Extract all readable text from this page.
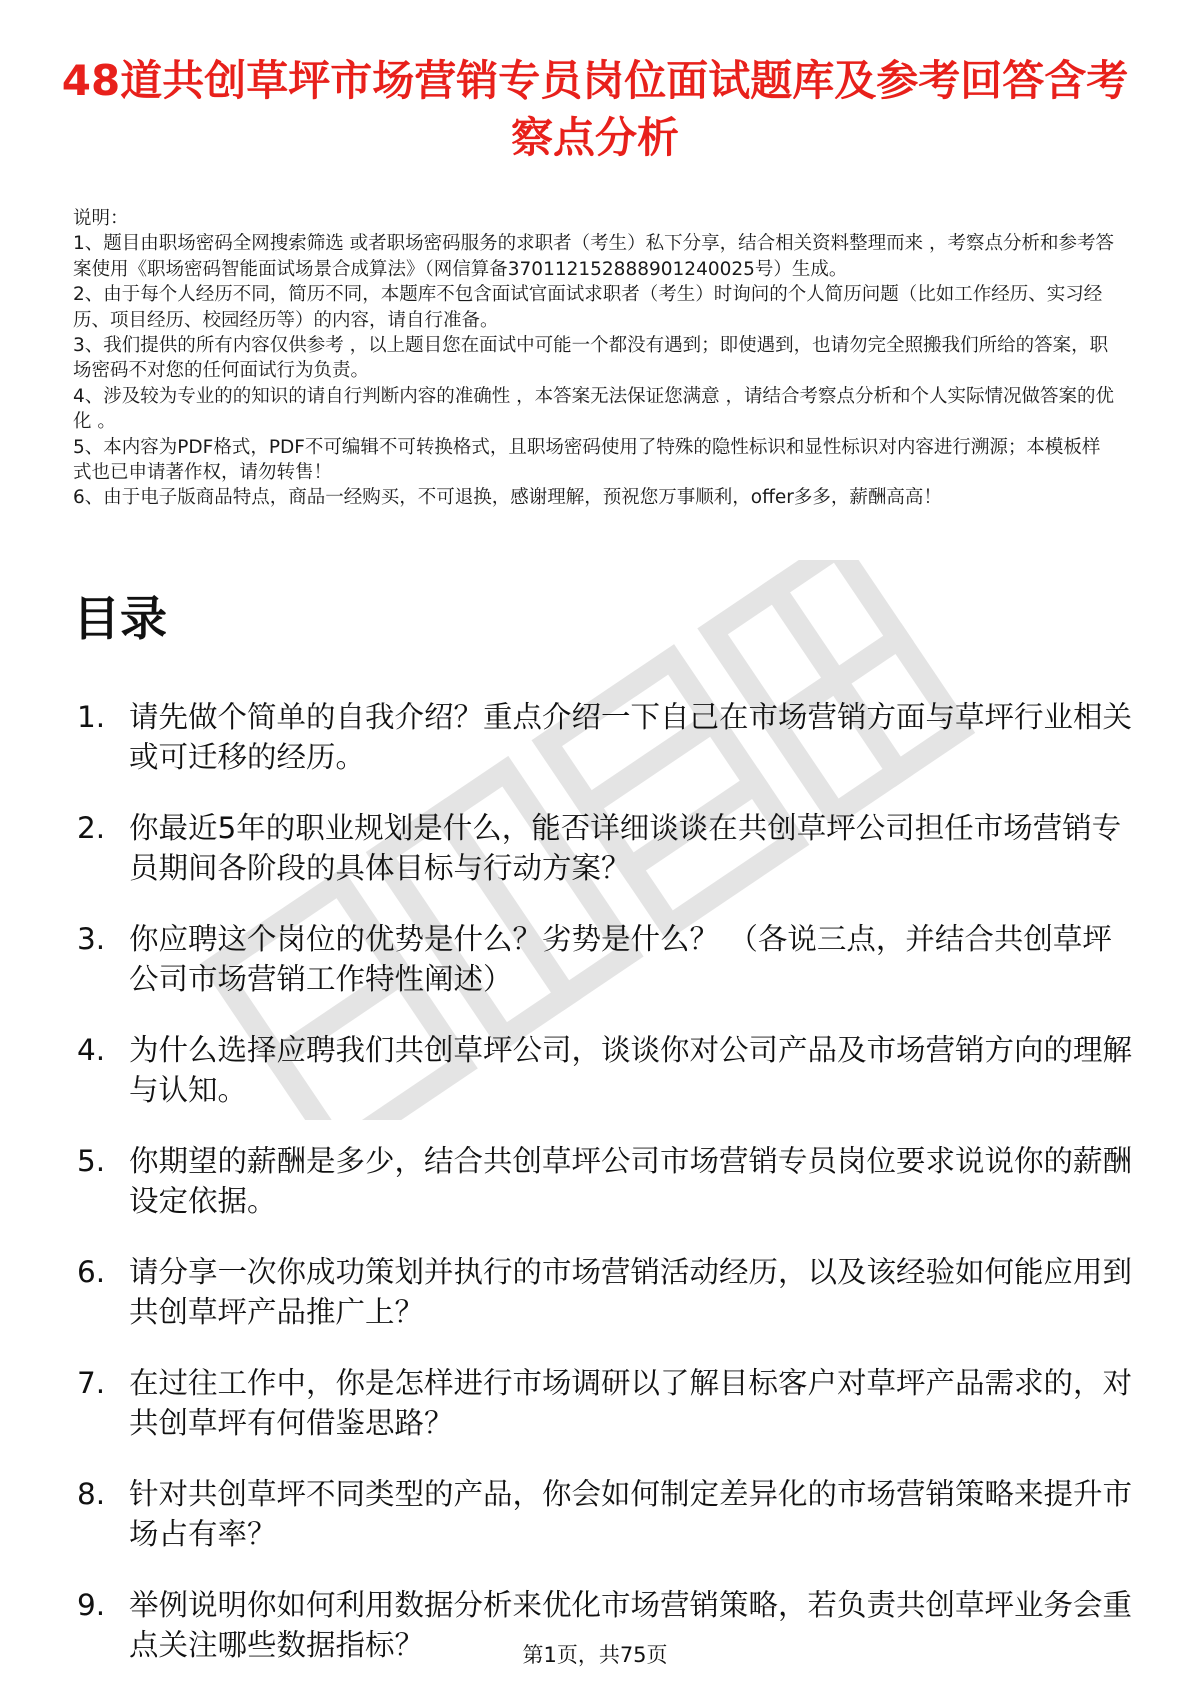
48道共创草坪市场营销专员岗位面试题库及参考回答含考察点分析

说明：

1、题目由职场密码全网搜索筛选 或者职场密码服务的求职者（考生）私下分享，结合相关资料整理而来 ，考察点分析和参考答案使用《职场密码智能面试场景合成算法》（网信算备370112152888901240025号）生成。

2、由于每个人经历不同，简历不同，本题库不包含面试官面试求职者（考生）时询问的个人简历问题（比如工作经历、实习经历、项目经历、校园经历等）的内容，请自行准备。

3、我们提供的所有内容仅供参考 ，以上题目您在面试中可能一个都没有遇到；即使遇到，也请勿完全照搬我们所给的答案，职场密码不对您的任何面试行为负责。

4、涉及较为专业的的知识的请自行判断内容的准确性 ，本答案无法保证您满意 ，请结合考察点分析和个人实际情况做答案的优化 。

5、本内容为PDF格式，PDF不可编辑不可转换格式，且职场密码使用了特殊的隐性标识和显性标识对内容进行溯源；本模板样式也已申请著作权，请勿转售！

6、由于电子版商品特点，商品一经购买，不可退换，感谢理解，预祝您万事顺利，offer多多，薪酬高高！

目录
1. 请先做个简单的自我介绍？重点介绍一下自己在市场营销方面与草坪行业相关或可迁移的经历。
2. 你最近5年的职业规划是什么，能否详细谈谈在共创草坪公司担任市场营销专员期间各阶段的具体目标与行动方案？
3. 你应聘这个岗位的优势是什么？劣势是什么？ （各说三点，并结合共创草坪公司市场营销工作特性阐述）
4. 为什么选择应聘我们共创草坪公司，谈谈你对公司产品及市场营销方向的理解与认知。
5. 你期望的薪酬是多少，结合共创草坪公司市场营销专员岗位要求说说你的薪酬设定依据。
6. 请分享一次你成功策划并执行的市场营销活动经历，以及该经验如何能应用到共创草坪产品推广上？
7. 在过往工作中，你是怎样进行市场调研以了解目标客户对草坪产品需求的，对共创草坪有何借鉴思路？
8. 针对共创草坪不同类型的产品，你会如何制定差异化的市场营销策略来提升市场占有率？
9. 举例说明你如何利用数据分析来优化市场营销策略，若负责共创草坪业务会重点关注哪些数据指标？	第1页，共75页
